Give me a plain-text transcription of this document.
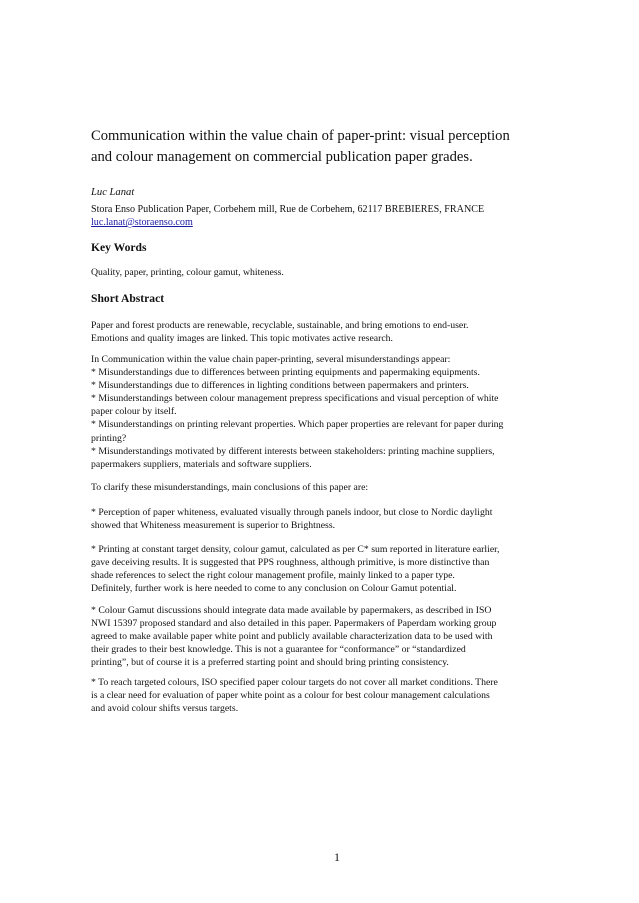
Communication within the value chain of paper-print: visual perception
and colour management on commercial publication paper grades.
Luc Lanat
Stora Enso Publication Paper, Corbehem mill, Rue de Corbehem, 62117 BREBIERES, FRANCE
luc.lanat@storaenso.com
Key Words
Quality, paper, printing, colour gamut, whiteness.
Short Abstract

Paper and forest products are renewable, recyclable, sustainable, and bring emotions to end-user.

Emotions and quality images are linked. This topic motivates active research.

In Communication within the value chain paper-printing, several misunderstandings appear:

* Misunderstandings due to differences between printing equipments and papermaking equipments.

* Misunderstandings due to differences in lighting conditions between papermakers and printers.

* Misunderstandings between colour management prepress specifications and visual perception of white

paper colour by itself.

* Misunderstandings on printing relevant properties. Which paper properties are relevant for paper during

printing?

* Misunderstandings motivated by different interests between stakeholders: printing machine suppliers,

papermakers suppliers, materials and software suppliers.

To clarify these misunderstandings, main conclusions of this paper are:

* Perception of paper whiteness, evaluated visually through panels indoor, but close to Nordic daylight

showed that Whiteness measurement is superior to Brightness.

* Printing at constant target density, colour gamut, calculated as per C* sum reported in literature earlier,

gave deceiving results. It is suggested that PPS roughness, although primitive, is more distinctive than

shade references to select the right colour management profile, mainly linked to a paper type.

Definitely, further work is here needed to come to any conclusion on Colour Gamut potential.

* Colour Gamut discussions should integrate data made available by papermakers, as described in ISO

NWI 15397 proposed standard and also detailed in this paper. Papermakers of Paperdam working group

agreed to make available paper white point and publicly available characterization data to be used with

their grades to their best knowledge. This is not a guarantee for “conformance” or “standardized

printing”, but of course it is a preferred starting point and should bring printing consistency.

* To reach targeted colours, ISO specified paper colour targets do not cover all market conditions. There

is a clear need for evaluation of paper white point as a colour for best colour management calculations

and avoid colour shifts versus targets.

1
